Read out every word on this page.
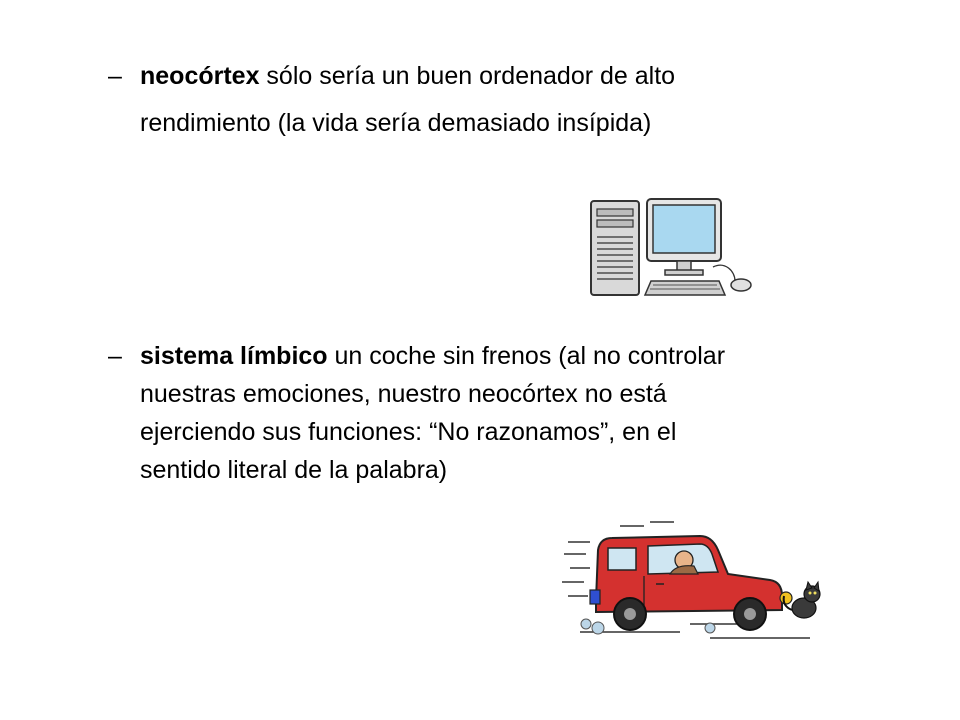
– neocórtex sólo sería un buen ordenador de alto
rendimiento (la vida sería demasiado insípida)
– sistema límbico un coche sin frenos (al no controlar
nuestras emociones, nuestro neocórtex no está
ejerciendo sus funciones: “No razonamos”, en el
sentido literal de la palabra)
